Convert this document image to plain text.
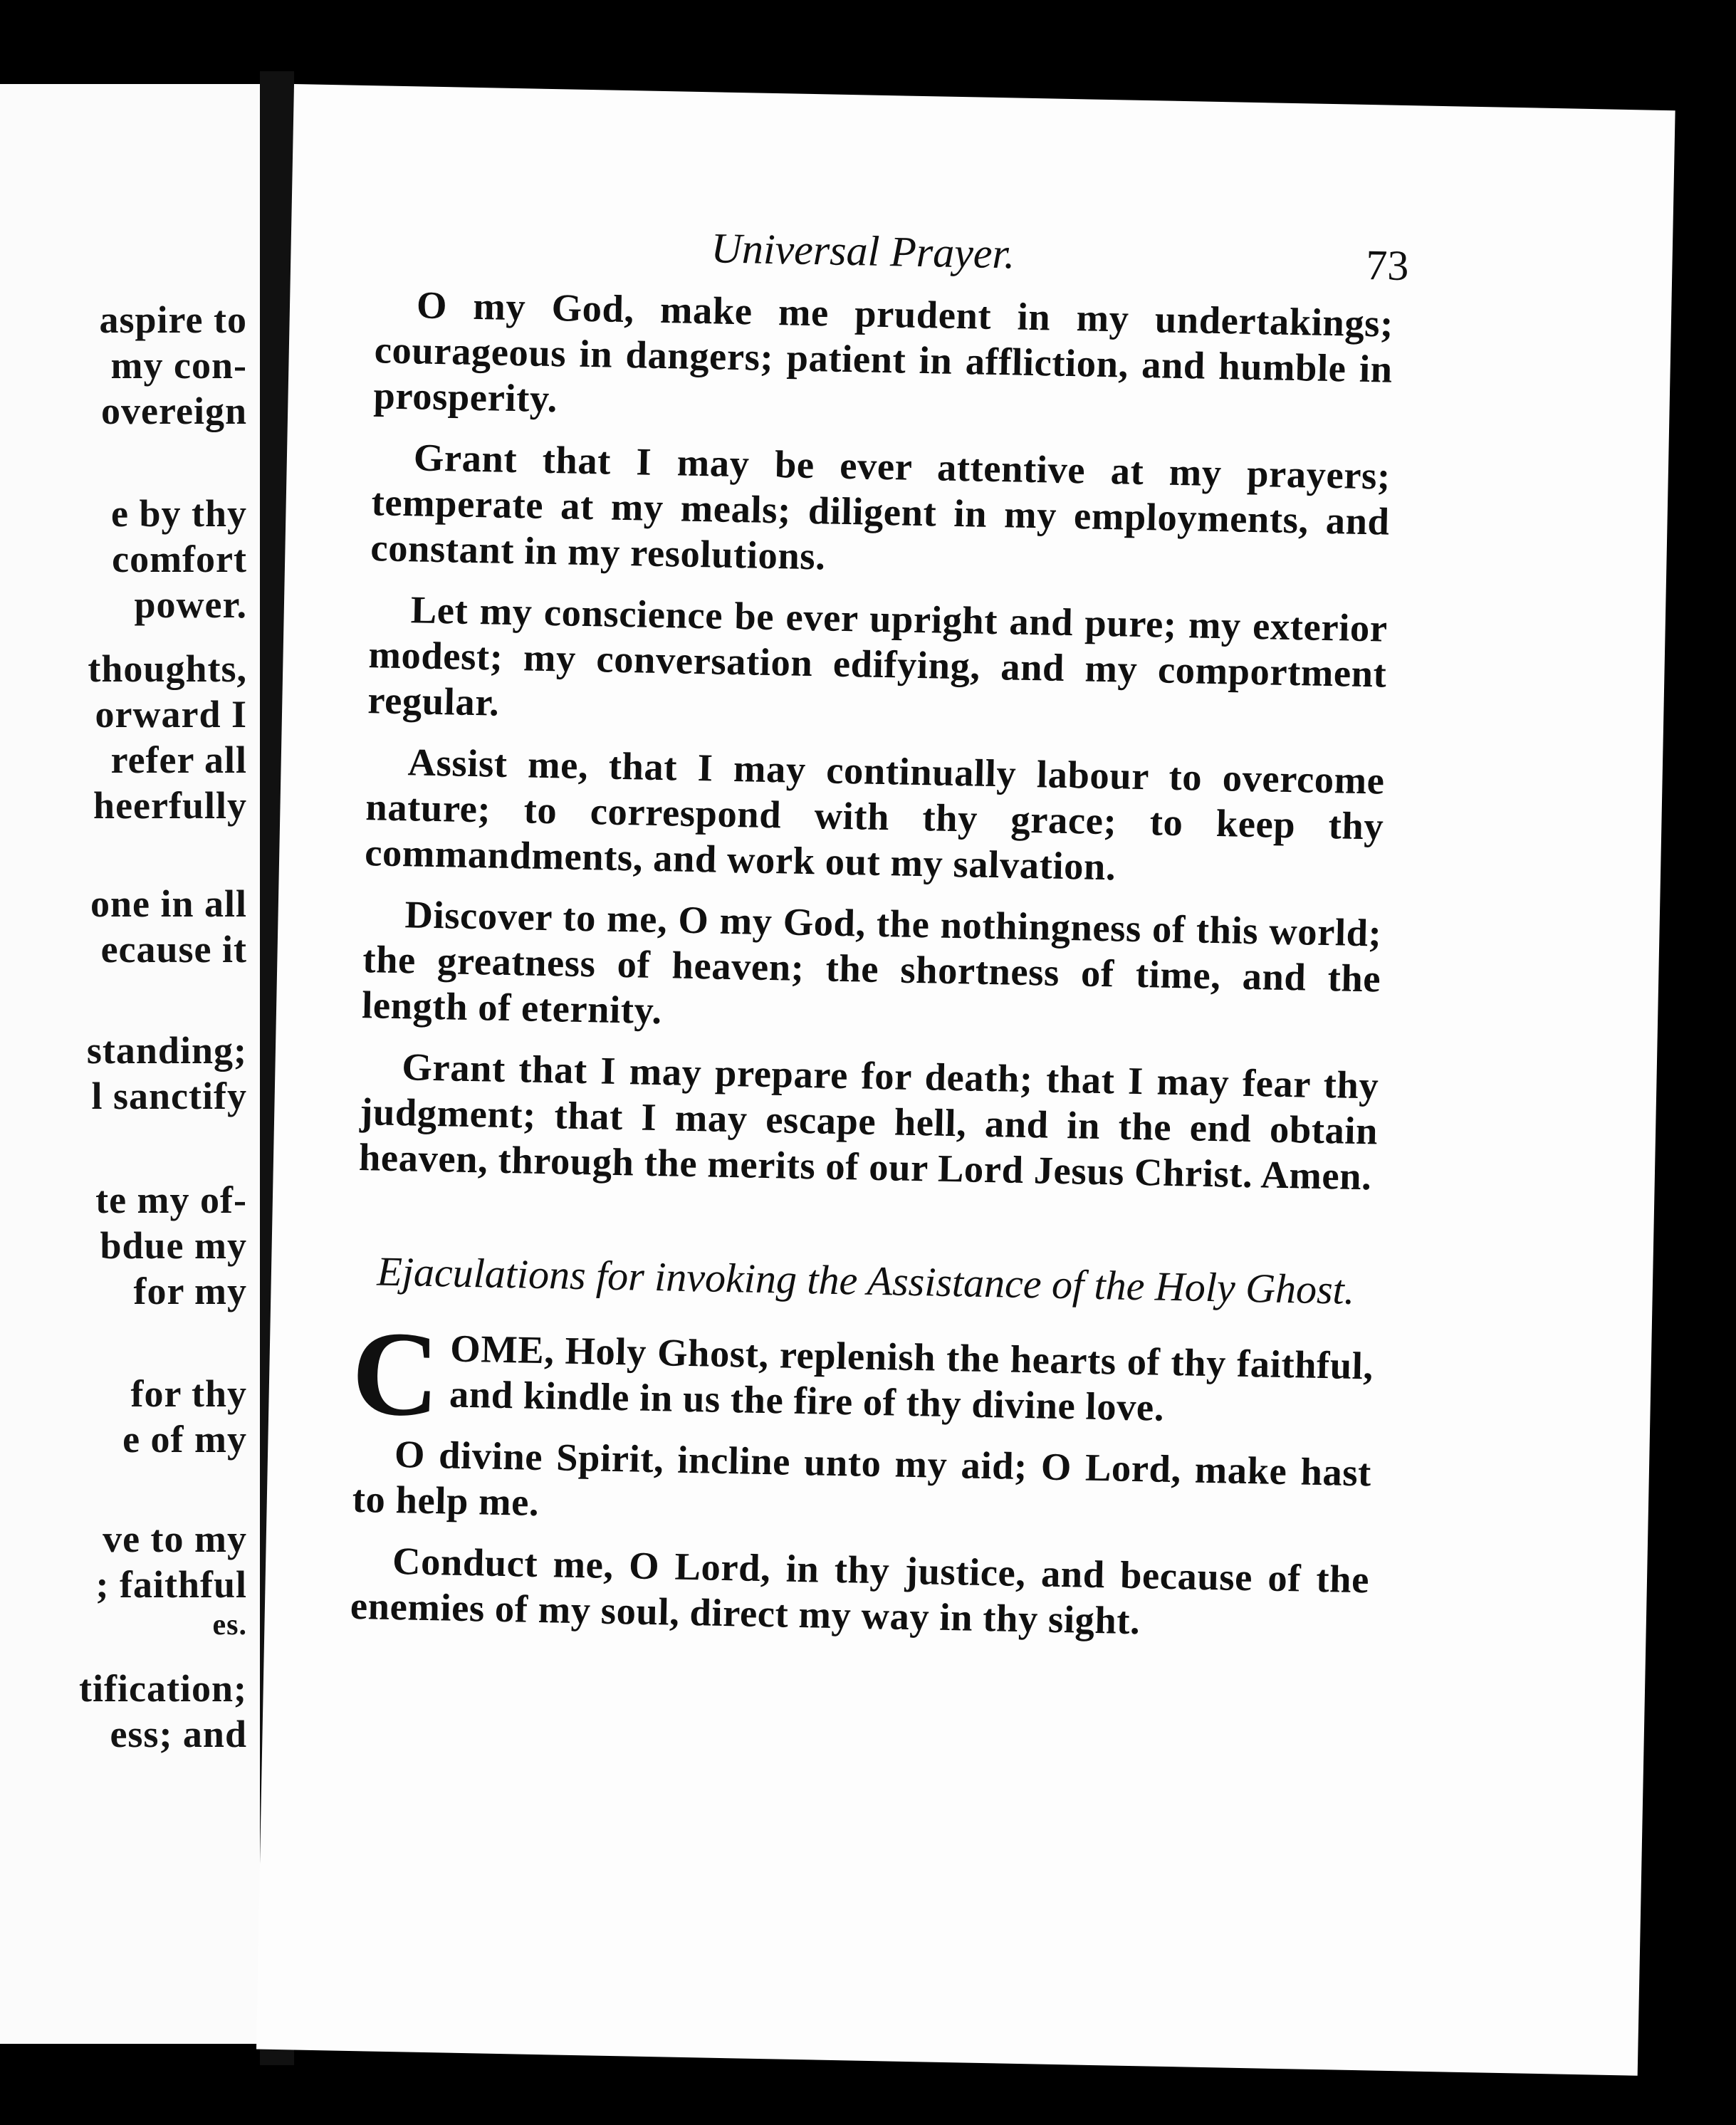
aspire to
my con-
overeign
e by thy
comfort
power.
thoughts,
orward I
refer all
heerfully
one in all
ecause it
standing;
l sanctify
te my of-
bdue my
for my
for thy
e of my
ve to my
; faithful
es.
tification;
ess; and
Universal Prayer.	73

O my God, make me prudent in my undertakings; courageous in dangers; patient in affliction, and humble in prosperity.

Grant that I may be ever attentive at my prayers; temperate at my meals; diligent in my employments, and constant in my resolutions.

Let my conscience be ever upright and pure; my exterior modest; my conversation edifying, and my comportment regular.

Assist me, that I may continually labour to overcome nature; to correspond with thy grace; to keep thy commandments, and work out my salvation.

Discover to me, O my God, the nothingness of this world; the greatness of heaven; the shortness of time, and the length of eternity.

Grant that I may prepare for death; that I may fear thy judgment; that I may escape hell, and in the end obtain heaven, through the merits of our Lord Jesus Christ. Amen.

Ejaculations for invoking the Assistance of the Holy Ghost.

COME, Holy Ghost, replenish the hearts of thy faithful, and kindle in us the fire of thy divine love.

O divine Spirit, incline unto my aid; O Lord, make hast to help me.

Conduct me, O Lord, in thy justice, and because of the enemies of my soul, direct my way in thy sight.
